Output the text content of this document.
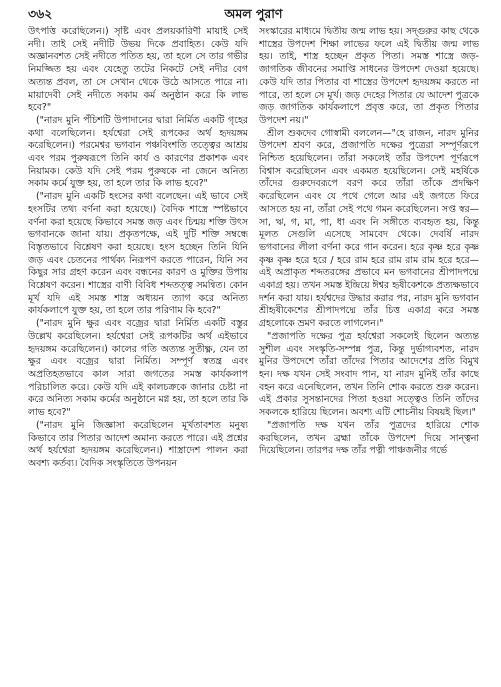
৩৬২	অমল পুরাণ

উৎপত্তি করেছিলেন।) সৃষ্টি এবং প্রলয়কারিণী মায়াই সেই নদী। তাই সেই নদীটি উভয় দিকে প্রবাহিত। কেউ যদি অজ্ঞানবশত সেই নদীতে পতিত হয়, তা হলে সে তার গভীর নিমজ্জিত হয় এবং যেহেতু তটের নিকটে সেই নদীর বেগ অত্যন্ত প্রবল, তা সে সেখান থেকে উঠে আসতে পারে না। মায়াদেবী সেই নদীতে সকাম কর্ম অনুষ্ঠান করে কি লাভ হবে?"

("নারদ মুনি পঁচিশটি উপাদানের দ্বারা নির্মিত একটি গৃহের কথা বলেছিলেন। হর্যশ্বেরা সেই রূপকের অর্থ হৃদয়ঙ্গম করেছিলেন।) পরমেশ্বর ভগবান পঞ্চবিংশতি তত্ত্বের আশ্রয় এবং পরম পুরুষরূপে তিনি কার্য ও কারণের প্রকাশক এবং নিয়ামক। কেউ যদি সেই পরম পুরুষকে না জেনে অনিত্য সকাম কর্মে যুক্ত হয়, তা হলে তার কি লাভ হবে?"

("নারদ মুনি একটি হংসের কথা বলেছেন। এই ভাবে সেই হংসটির তথ্য বর্ণনা করা হয়েছে।) বৈদিক শাস্ত্রে স্পষ্টভাবে বর্ণনা করা হয়েছে কিভাবে সমস্ত জড় এবং চিন্ময় শক্তি উৎস ভগবানকে জানা যায়। প্রকৃতপক্ষে, এই দুটি শক্তি সম্বন্ধে বিস্তৃতভাবে বিশ্লেষণ করা হয়েছে। হংস হচ্ছেন তিনি যিনি জড় এবং চেতনের পার্থক্য নিরূপণ করতে পারেন, যিনি সব কিছুর সার গ্রহণ করেন এবং বন্ধনের কারণ ও মুক্তির উপায় বিশ্লেষণ করেন। শাস্ত্রের বাণী বিবিধ শব্দতত্ত্ব সমন্বিত। কোন মূর্খ যদি এই সমস্ত শাস্ত্র অধ্যয়ন ত্যাগ করে অনিত্য কার্যকলাপে যুক্ত হয়, তা হলে তার পরিণাম কি হবে?"

("নারদ মুনি ক্ষুর এবং বজ্রের দ্বারা নির্মিত একটি বস্তুর উল্লেখ করেছিলেন। হর্যশ্বেরা সেই রূপকটির অর্থ এইভাবে হৃদয়ঙ্গম করেছিলেন।) কালের গতি অত্যন্ত সুতীক্ষ্ণ, যেন তা ক্ষুর এবং বজ্রের দ্বারা নির্মিত। সম্পূর্ণ স্বতন্ত্র এবং অপ্রতিহতভাবে কাল সারা জগতের সমস্ত কার্যকলাপ পরিচালিত করে। কেউ যদি এই কালচক্রকে জানার চেষ্টা না করে অনিত্য সকাম কর্মের অনুষ্ঠানে মগ্ন হয়, তা হলে তার কি লাভ হবে?"

("নারদ মুনি জিজ্ঞাসা করেছিলেন মূর্খতাবশত মনুষ্য কিভাবে তার পিতার আদেশ অমান্য করতে পারে। এই প্রশ্নের অর্থ হর্যশ্বেরা হৃদয়ঙ্গম করেছিলেন।) শাস্ত্রাদেশ পালন করা অবশ্য কর্তব্য। বৈদিক সংস্কৃতিতে উপনয়ন

সংস্কারের মাধ্যমে দ্বিতীয় জন্ম লাভ হয়। সদ্গুরুর কাছ থেকে শাস্ত্রের উপদেশ শিক্ষা লাভের ফলে এই দ্বিতীয় জন্ম লাভ হয়। তাই, শাস্ত্র হচ্ছেন প্রকৃত পিতা। সমস্ত শাস্ত্রে জড়-জাগতিক জীবনের সমাপ্তি সাধনের উপদেশ দেওয়া হয়েছে। কেউ যদি তার পিতার বা শাস্ত্রের উপদেশ হৃদয়ঙ্গম করতে না পারে, তা হলে সে মূর্খ। জড় দেহের পিতার যে আদেশ পুত্রকে জড় জাগতিক কার্যকলাপে প্রবৃত্ত করে, তা প্রকৃত পিতার উপদেশ নয়।"

শ্রীল শুকদেব গোস্বামী বললেন—"হে রাজন, নারদ মুনির উপদেশ শ্রবণ করে, প্রজাপতি দক্ষের পুত্রেরা সম্পূর্ণরূপে নিশ্চিত হয়েছিলেন। তাঁরা সকলেই তাঁর উপদেশ পূর্ণরূপে বিশ্বাস করেছিলেন এবং একমত হয়েছিলেন। সেই মহর্ষিকে তাঁদের গুরুদেবরূপে বরণ করে তাঁরা তাঁকে প্রদক্ষিণ করেছিলেন এবং যে পথে গেলে আর এই জগতে ফিরে আসতে হয় না, তাঁরা সেই পথে গমন করেছিলেন। সপ্ত স্বর—সা, ঋ, গ, মা, পা, ধা এবং নি সঙ্গীতে ব্যবহৃত হয়, কিন্তু মূলত সেগুলি এসেছে সামবেদ থেকে। দেবর্ষি নারদ ভগবানের লীলা বর্ণনা করে গান করেন। হরে কৃষ্ণ হরে কৃষ্ণ কৃষ্ণ কৃষ্ণ হরে হরে / হরে রাম হরে রাম রাম রাম হরে হরে—এই অপ্রাকৃত শব্দতরঙ্গের প্রভাবে মন ভগবানের শ্রীপাদপদ্মে একাগ্র হয়। তখন সমস্ত ইন্দ্রিয়ে ঈশ্বর হৃষীকেশকে প্রত্যক্ষভাবে দর্শন করা যায়। হর্যশ্বদের উদ্ধার করার পর, নারদ মুনি ভগবান শ্রীহৃষীকেশের শ্রীপাদপদ্মে তাঁর চিত্ত একাগ্র করে সমস্ত গ্রহলোকে ভ্রমণ করতে লাগলেন।"

"প্রজাপতি দক্ষের পুত্র হর্যশ্বেরা সকলেই ছিলেন অত্যন্ত সুশীল এবং সংস্কৃতি-সম্পন্ন পুত্র, কিন্তু দুর্ভাগ্যবশত, নারদ মুনির উপদেশে তাঁরা তাঁদের পিতার আদেশের প্রতি বিমুখ হন। দক্ষ যখন সেই সংবাদ পান, যা নারদ মুনিই তাঁর কাছে বহন করে এনেছিলেন, তখন তিনি শোক করতে শুরু করেন। এই প্রকার সুসন্তানদের পিতা হওয়া সত্ত্বেও তিনি তাঁদের সকলকে হারিয়ে ছিলেন। অবশ্য এটি শোচনীয় বিষয়ই ছিল।"

"প্রজাপতি দক্ষ যখন তাঁর পুত্রদের হারিয়ে শোক করছিলেন, তখন ব্রহ্মা তাঁকে উপদেশ দিয়ে সান্ত্বনা দিয়েছিলেন। তারপর দক্ষ তাঁর পত্নী পাঞ্চজনীর গর্ভে
